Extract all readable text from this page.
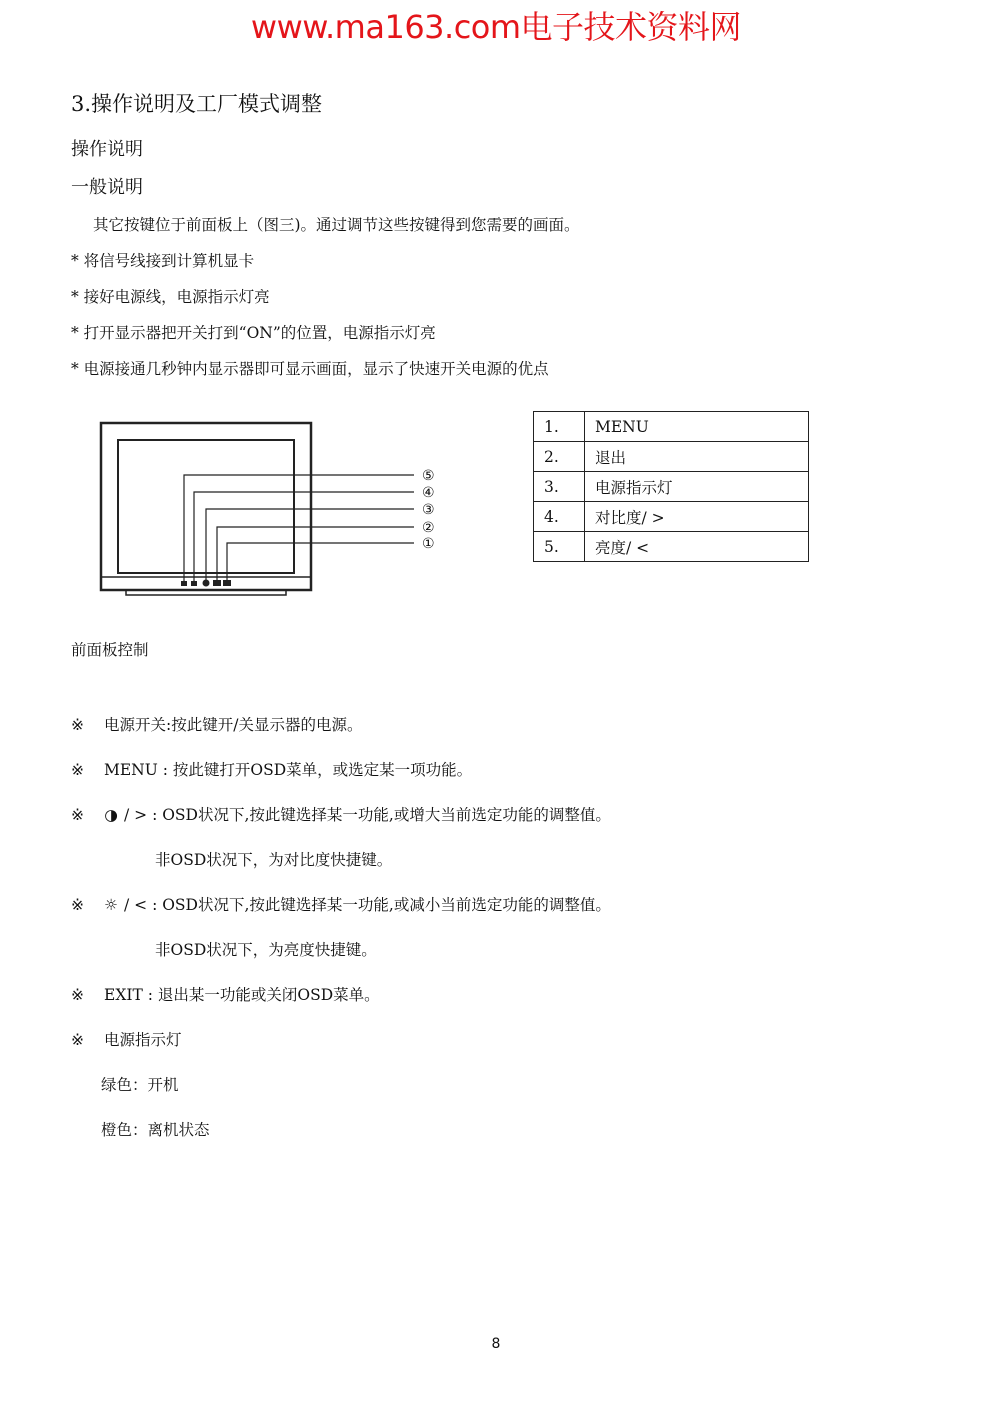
www.ma163.com电子技术资料网
3.操作说明及工厂模式调整
操作说明
一般说明
其它按键位于前面板上（图三)。通过调节这些按键得到您需要的画面。
* 将信号线接到计算机显卡
* 接好电源线，电源指示灯亮
* 打开显示器把开关打到“ON”的位置，电源指示灯亮
* 电源接通几秒钟内显示器即可显示画面，显示了快速开关电源的优点
⑤
④
③
②
①
1.	MENU
2.	退出
3.	电源指示灯
4.	对比度/ >
5.	亮度/ <
前面板控制
※ 电源开关:按此键开/关显示器的电源。
※ MENU : 按此键打开OSD菜单，或选定某一项功能。
※ ◑ / > : OSD状况下,按此键选择某一功能,或增大当前选定功能的调整值。
非OSD状况下，为对比度快捷键。
※ ☼ / < : OSD状况下,按此键选择某一功能,或减小当前选定功能的调整值。
非OSD状况下，为亮度快捷键。
※ EXIT : 退出某一功能或关闭OSD菜单。
※ 电源指示灯
绿色：开机
橙色：离机状态
8
